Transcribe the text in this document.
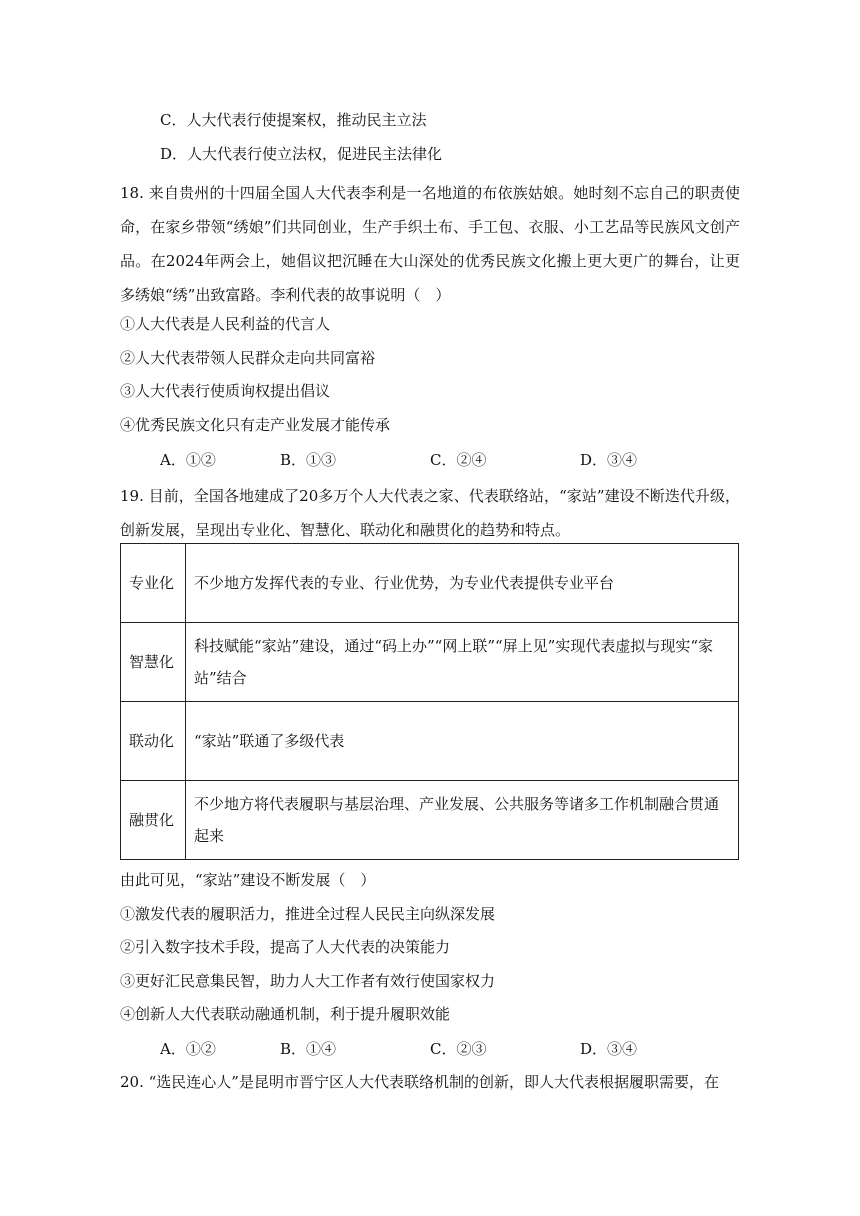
C．人大代表行使提案权，推动民主立法
D．人大代表行使立法权，促进民主法律化
18. 来自贵州的十四届全国人大代表李利是一名地道的布依族姑娘。她时刻不忘自己的职责使命，在家乡带领“绣娘”们共同创业，生产手织土布、手工包、衣服、小工艺品等民族风文创产品。在2024年两会上，她倡议把沉睡在大山深处的优秀民族文化搬上更大更广的舞台，让更多绣娘“绣”出致富路。李利代表的故事说明（　）
①人大代表是人民利益的代言人
②人大代表带领人民群众走向共同富裕
③人大代表行使质询权提出倡议
④优秀民族文化只有走产业发展才能传承
A．①②	B．①③	C．②④	D．③④
19. 目前，全国各地建成了20多万个人大代表之家、代表联络站，“家站”建设不断迭代升级，创新发展，呈现出专业化、智慧化、联动化和融贯化的趋势和特点。
专业化	不少地方发挥代表的专业、行业优势，为专业代表提供专业平台
智慧化	科技赋能“家站”建设，通过“码上办”“网上联”“屏上见”实现代表虚拟与现实“家站”结合
联动化	“家站”联通了多级代表
融贯化	不少地方将代表履职与基层治理、产业发展、公共服务等诸多工作机制融合贯通起来
由此可见，“家站”建设不断发展（　）
①激发代表的履职活力，推进全过程人民民主向纵深发展
②引入数字技术手段，提高了人大代表的决策能力
③更好汇民意集民智，助力人大工作者有效行使国家权力
④创新人大代表联动融通机制，利于提升履职效能
A．①②	B．①④	C．②③	D．③④
20. “选民连心人”是昆明市晋宁区人大代表联络机制的创新，即人大代表根据履职需要，在
